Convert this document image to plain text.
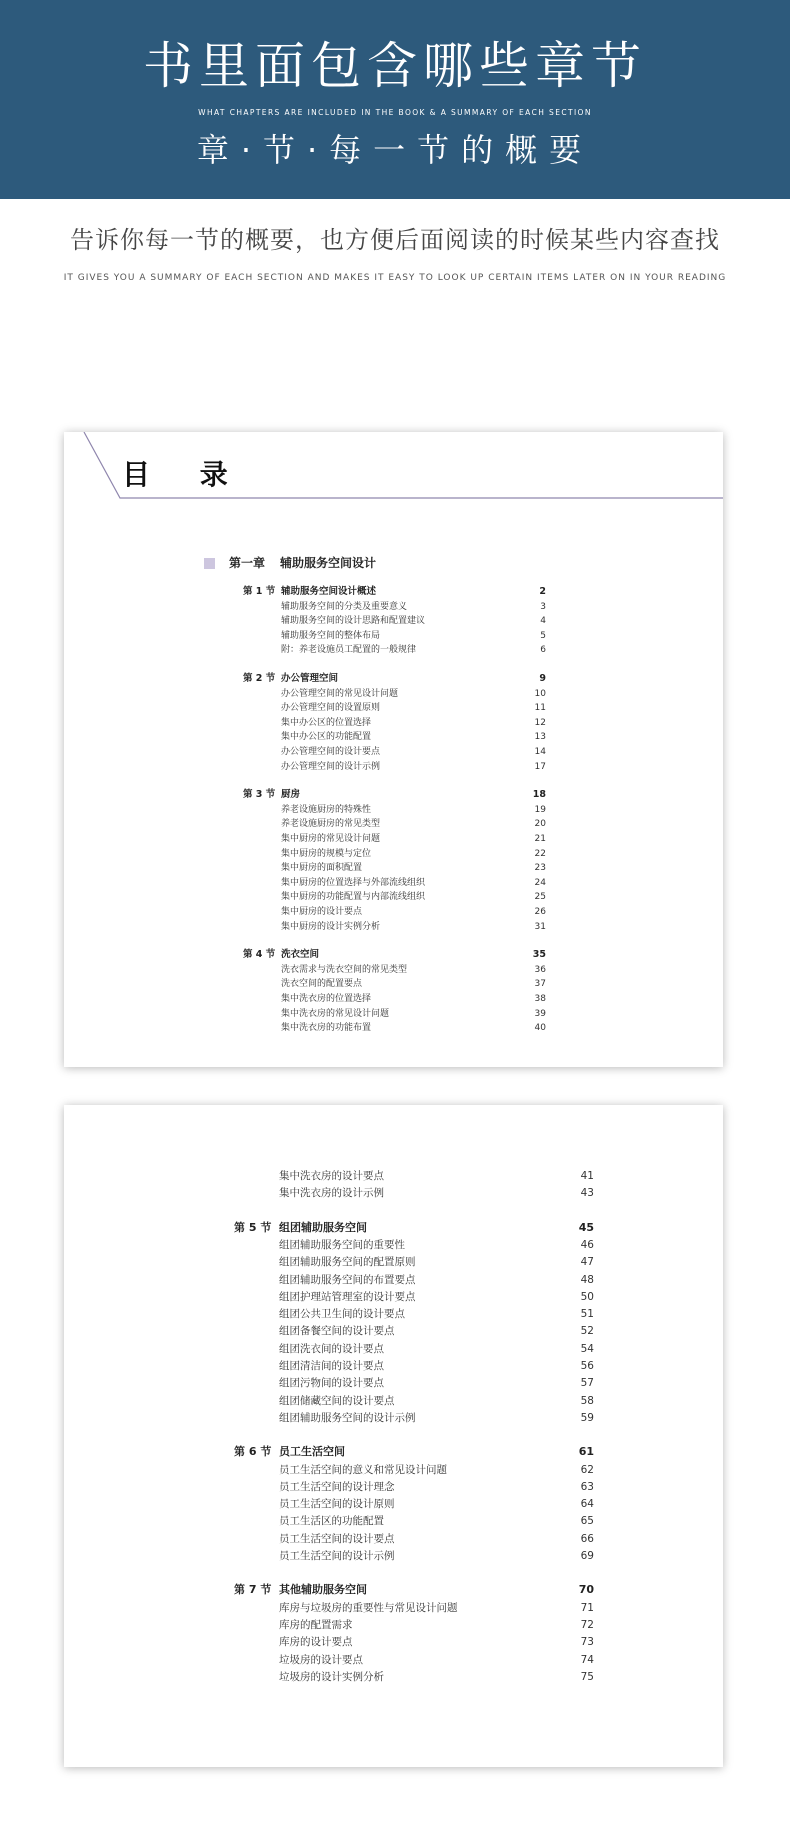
书里面包含哪些章节
WHAT CHAPTERS ARE INCLUDED IN THE BOOK & A SUMMARY OF EACH SECTION
章·节·每一节的概要
告诉你每一节的概要，也方便后面阅读的时候某些内容查找
IT GIVES YOU A SUMMARY OF EACH SECTION AND MAKES IT EASY TO LOOK UP CERTAIN ITEMS LATER ON IN YOUR READING
目 录
第一章 辅助服务空间设计
第 1 节 辅助服务空间设计概述	2
辅助服务空间的分类及重要意义	3
辅助服务空间的设计思路和配置建议	4
辅助服务空间的整体布局	5
附：养老设施员工配置的一般规律	6
第 2 节 办公管理空间	9
办公管理空间的常见设计问题	10
办公管理空间的设置原则	11
集中办公区的位置选择	12
集中办公区的功能配置	13
办公管理空间的设计要点	14
办公管理空间的设计示例	17
第 3 节 厨房	18
养老设施厨房的特殊性	19
养老设施厨房的常见类型	20
集中厨房的常见设计问题	21
集中厨房的规模与定位	22
集中厨房的面积配置	23
集中厨房的位置选择与外部流线组织	24
集中厨房的功能配置与内部流线组织	25
集中厨房的设计要点	26
集中厨房的设计实例分析	31
第 4 节 洗衣空间	35
洗衣需求与洗衣空间的常见类型	36
洗衣空间的配置要点	37
集中洗衣房的位置选择	38
集中洗衣房的常见设计问题	39
集中洗衣房的功能布置	40
集中洗衣房的设计要点	41
集中洗衣房的设计示例	43
第 5 节 组团辅助服务空间	45
组团辅助服务空间的重要性	46
组团辅助服务空间的配置原则	47
组团辅助服务空间的布置要点	48
组团护理站管理室的设计要点	50
组团公共卫生间的设计要点	51
组团备餐空间的设计要点	52
组团洗衣间的设计要点	54
组团清洁间的设计要点	56
组团污物间的设计要点	57
组团储藏空间的设计要点	58
组团辅助服务空间的设计示例	59
第 6 节 员工生活空间	61
员工生活空间的意义和常见设计问题	62
员工生活空间的设计理念	63
员工生活空间的设计原则	64
员工生活区的功能配置	65
员工生活空间的设计要点	66
员工生活空间的设计示例	69
第 7 节 其他辅助服务空间	70
库房与垃圾房的重要性与常见设计问题	71
库房的配置需求	72
库房的设计要点	73
垃圾房的设计要点	74
垃圾房的设计实例分析	75
